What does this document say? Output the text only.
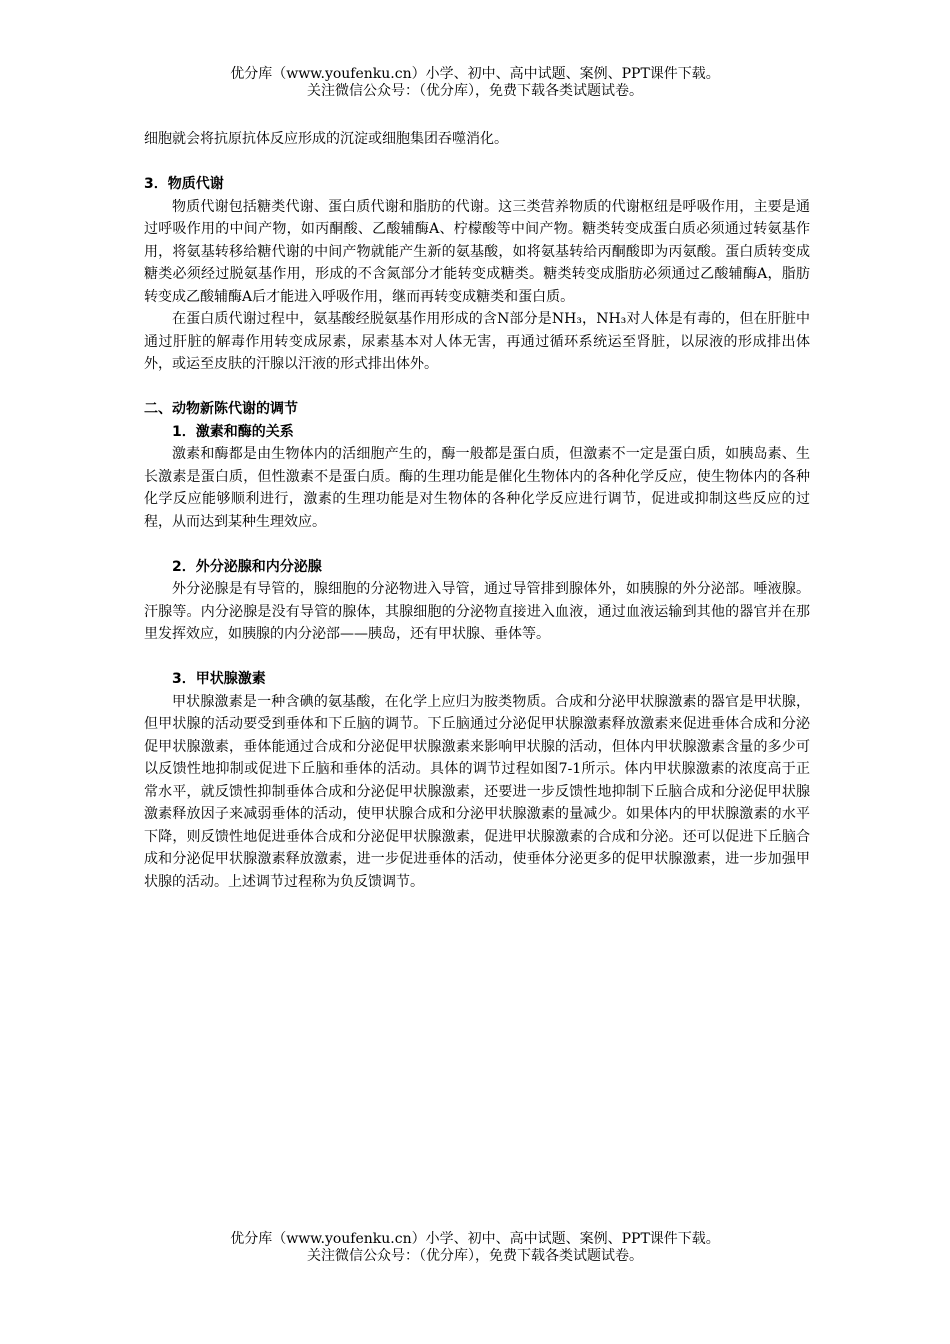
优分库（www.youfenku.cn）小学、初中、高中试题、案例、PPT课件下载。
关注微信公众号：（优分库），免费下载各类试题试卷。

细胞就会将抗原抗体反应形成的沉淀或细胞集团吞噬消化。

3．物质代谢

物质代谢包括糖类代谢、蛋白质代谢和脂肪的代谢。这三类营养物质的代谢枢纽是呼吸作用，主要是通过呼吸作用的中间产物，如丙酮酸、乙酸辅酶A、柠檬酸等中间产物。糖类转变成蛋白质必须通过转氨基作用，将氨基转移给糖代谢的中间产物就能产生新的氨基酸，如将氨基转给丙酮酸即为丙氨酸。蛋白质转变成糖类必须经过脱氨基作用，形成的不含氮部分才能转变成糖类。糖类转变成脂肪必须通过乙酸辅酶A，脂肪转变成乙酸辅酶A后才能进入呼吸作用，继而再转变成糖类和蛋白质。

在蛋白质代谢过程中，氨基酸经脱氨基作用形成的含N部分是NH₃，NH₃对人体是有毒的，但在肝脏中通过肝脏的解毒作用转变成尿素，尿素基本对人体无害，再通过循环系统运至肾脏，以尿液的形成排出体外，或运至皮肤的汗腺以汗液的形式排出体外。

二、动物新陈代谢的调节

1．激素和酶的关系

激素和酶都是由生物体内的活细胞产生的，酶一般都是蛋白质，但激素不一定是蛋白质，如胰岛素、生长激素是蛋白质，但性激素不是蛋白质。酶的生理功能是催化生物体内的各种化学反应，使生物体内的各种化学反应能够顺利进行，激素的生理功能是对生物体的各种化学反应进行调节，促进或抑制这些反应的过程，从而达到某种生理效应。

2．外分泌腺和内分泌腺

外分泌腺是有导管的，腺细胞的分泌物进入导管，通过导管排到腺体外，如胰腺的外分泌部。唾液腺。汗腺等。内分泌腺是没有导管的腺体，其腺细胞的分泌物直接进入血液，通过血液运输到其他的器官并在那里发挥效应，如胰腺的内分泌部——胰岛，还有甲状腺、垂体等。

3．甲状腺激素

甲状腺激素是一种含碘的氨基酸，在化学上应归为胺类物质。合成和分泌甲状腺激素的器官是甲状腺，但甲状腺的活动要受到垂体和下丘脑的调节。下丘脑通过分泌促甲状腺激素释放激素来促进垂体合成和分泌促甲状腺激素，垂体能通过合成和分泌促甲状腺激素来影响甲状腺的活动，但体内甲状腺激素含量的多少可以反馈性地抑制或促进下丘脑和垂体的活动。具体的调节过程如图7-1所示。体内甲状腺激素的浓度高于正常水平，就反馈性抑制垂体合成和分泌促甲状腺激素，还要进一步反馈性地抑制下丘脑合成和分泌促甲状腺激素释放因子来减弱垂体的活动，使甲状腺合成和分泌甲状腺激素的量减少。如果体内的甲状腺激素的水平下降，则反馈性地促进垂体合成和分泌促甲状腺激素，促进甲状腺激素的合成和分泌。还可以促进下丘脑合成和分泌促甲状腺激素释放激素，进一步促进垂体的活动，使垂体分泌更多的促甲状腺激素，进一步加强甲状腺的活动。上述调节过程称为负反馈调节。

优分库（www.youfenku.cn）小学、初中、高中试题、案例、PPT课件下载。
关注微信公众号：（优分库），免费下载各类试题试卷。
